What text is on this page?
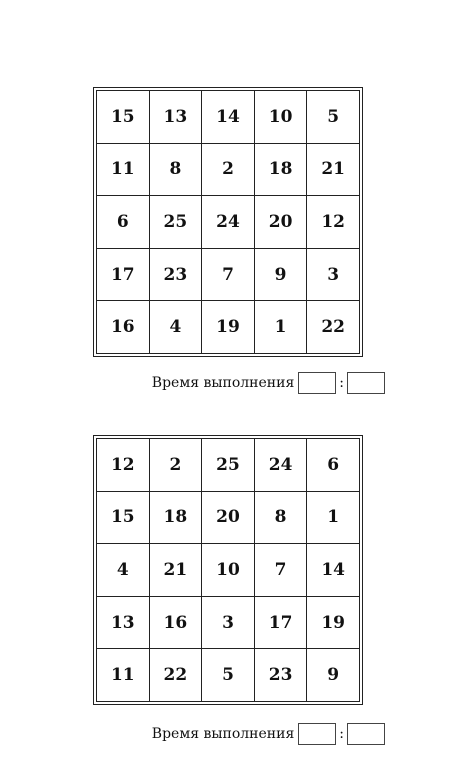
15	13	14	10	5
11	8	2	18	21
6	25	24	20	12
17	23	7	9	3
16	4	19	1	22
Время выполнения	:
12	2	25	24	6
15	18	20	8	1
4	21	10	7	14
13	16	3	17	19
11	22	5	23	9
Время выполнения	:
